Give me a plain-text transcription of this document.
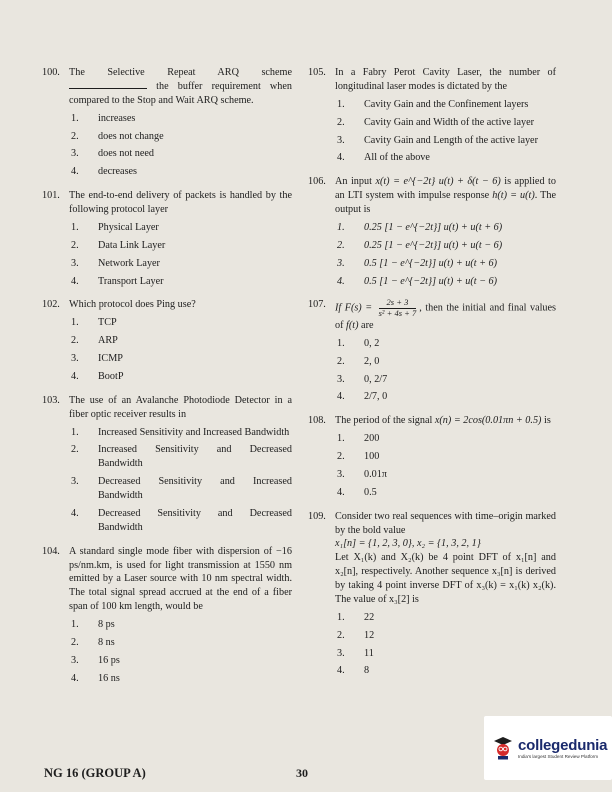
100. The Selective Repeat ARQ scheme  the buffer requirement when compared to the Stop and Wait ARQ scheme.
1. increases
2. does not change
3. does not need
4. decreases
101. The end-to-end delivery of packets is handled by the following protocol layer
1. Physical Layer
2. Data Link Layer
3. Network Layer
4. Transport Layer
102. Which protocol does Ping use?
1. TCP
2. ARP
3. ICMP
4. BootP
103. The use of an Avalanche Photodiode Detector in a fiber optic receiver results in
1. Increased Sensitivity and Increased Bandwidth
2. Increased Sensitivity and Decreased Bandwidth
3. Decreased Sensitivity and Increased Bandwidth
4. Decreased Sensitivity and Decreased Bandwidth
104. A standard single mode fiber with dispersion of −16 ps/nm.km, is used for light transmission at 1550 nm emitted by a Laser source with 10 nm spectral width. The total signal spread accrued at the end of a fiber span of 100 km length, would be
1. 8 ps
2. 8 ns
3. 16 ps
4. 16 ns
105. In a Fabry Perot Cavity Laser, the number of longitudinal laser modes is dictated by the
1. Cavity Gain and the Confinement layers
2. Cavity Gain and Width of the active layer
3. Cavity Gain and Length of the active layer
4. All of the above
106. An input x(t) = e^{−2t} u(t) + δ(t − 6) is applied to an LTI system with impulse response h(t) = u(t). The output is
1. 0.25 [1 − e^{−2t}] u(t) + u(t + 6)
2. 0.25 [1 − e^{−2t}] u(t) + u(t − 6)
3. 0.5 [1 − e^{−2t}] u(t) + u(t + 6)
4. 0.5 [1 − e^{−2t}] u(t) + u(t − 6)
107. If $F(s) = \frac{2s + 3}{\text{s² + 4s + 7}}$ , then the initial and final values of f(t) are
1. 0, 2
2. 2, 0
3. 0, 2/7
4. 2/7, 0
108. The period of the signal x(n) = 2cos(0.01πn + 0.5) is
1. 200
2. 100
3. 0.01π
4. 0.5
109. Consider two real sequences with time–origin marked by the bold value
x₁[n] = {1, 2, 3, 0}, x₂ = {1, 3, 2, 1}
Let X₁(k) and X₂(k) be 4 point DFT of x₁[n] and x₂[n], respectively. Another sequence x₃[n] is derived by taking 4 point inverse DFT of x₃(k) = x₁(k) x₂(k). The value of x₃[2] is
1. 22
2. 12
3. 11
4. 8
NG 16 (GROUP A)	30
collegedunia
India's largest Student Review Platform
